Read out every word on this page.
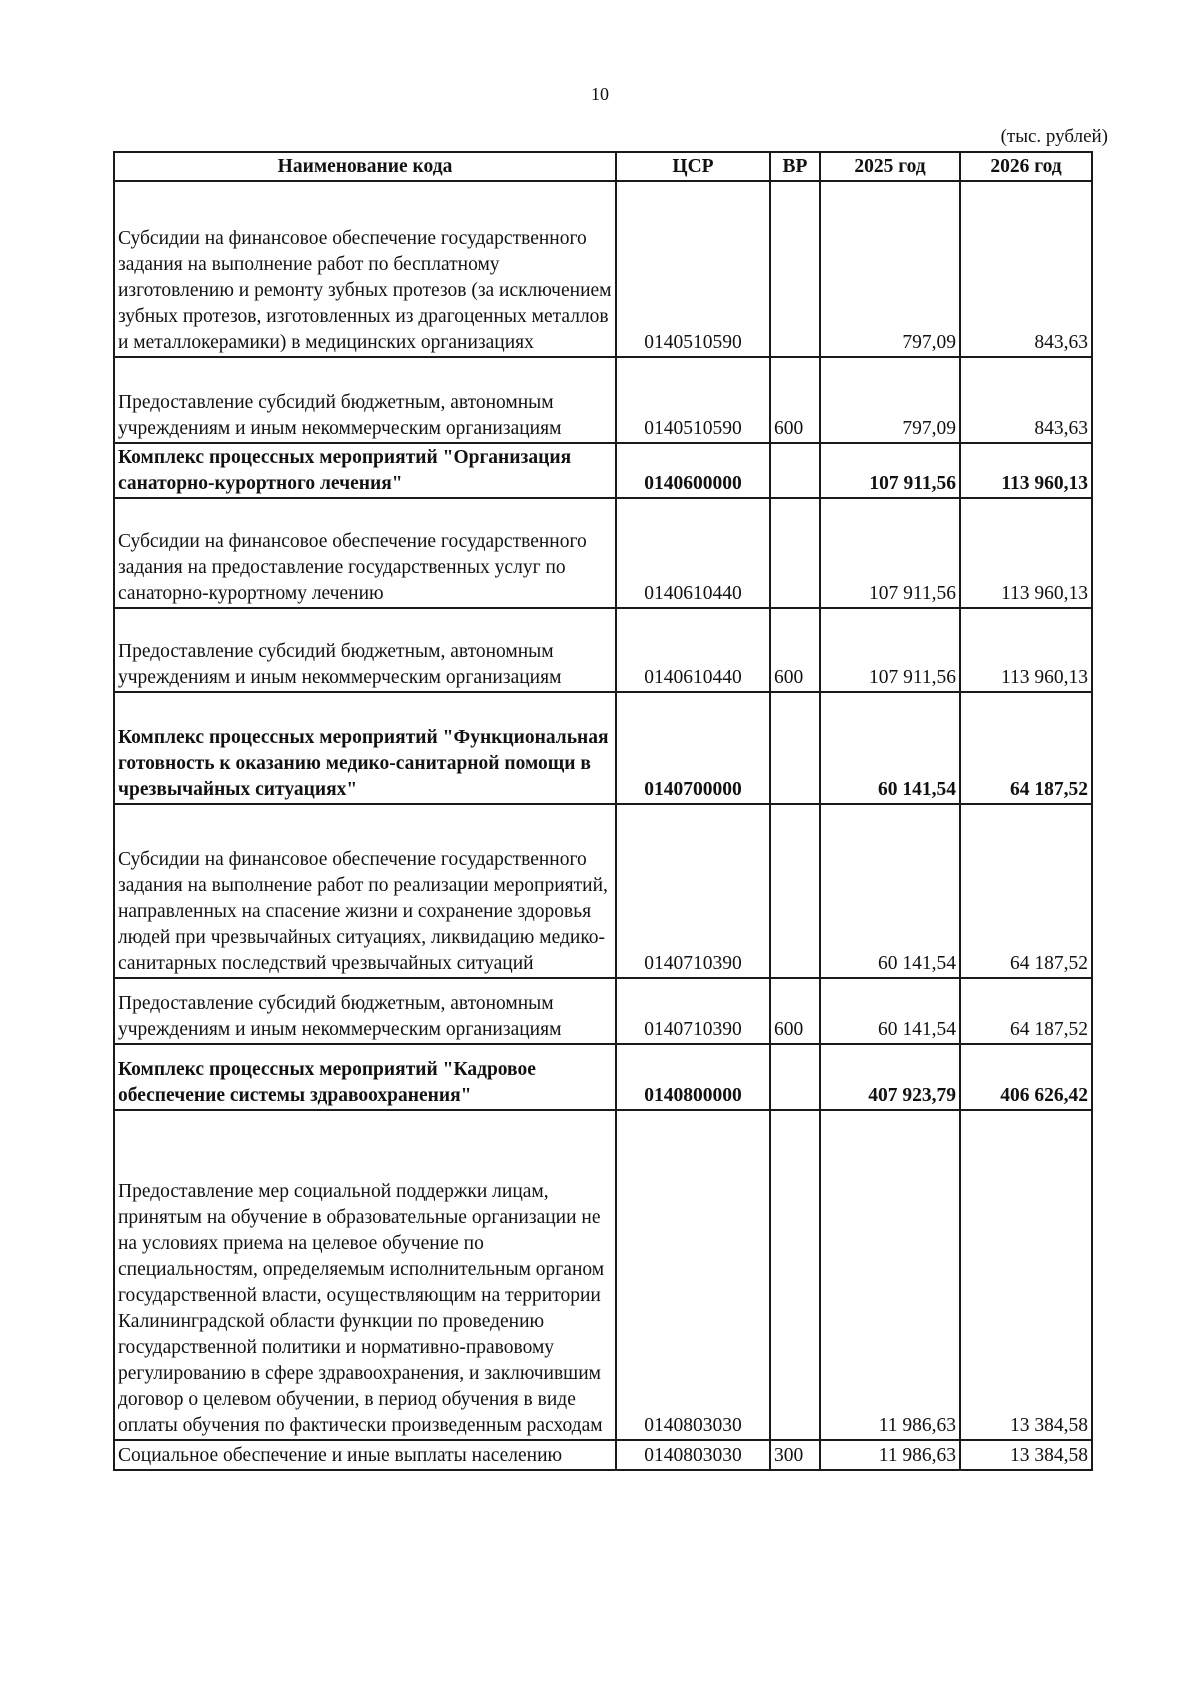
10
(тыс. рублей)
Наименование кода	ЦСР	ВР	2025 год	2026 год
Субсидии на финансовое обеспечение государственного задания на выполнение работ по бесплатному изготовлению и ремонту зубных протезов (за исключением зубных протезов, изготовленных из драгоценных металлов и металлокерамики) в медицинских организациях	0140510590		797,09	843,63
Предоставление субсидий бюджетным, автономным учреждениям и иным некоммерческим организациям	0140510590	600	797,09	843,63
Комплекс процессных мероприятий "Организация санаторно-курортного лечения"	0140600000		107 911,56	113 960,13
Субсидии на финансовое обеспечение государственного задания на предоставление государственных услуг по санаторно-курортному лечению	0140610440		107 911,56	113 960,13
Предоставление субсидий бюджетным, автономным учреждениям и иным некоммерческим организациям	0140610440	600	107 911,56	113 960,13
Комплекс процессных мероприятий "Функциональная готовность к оказанию медико-санитарной помощи в чрезвычайных ситуациях"	0140700000		60 141,54	64 187,52
Субсидии на финансовое обеспечение государственного задания на выполнение работ по реализации мероприятий, направленных на спасение жизни и сохранение здоровья людей при чрезвычайных ситуациях, ликвидацию медико-санитарных последствий чрезвычайных ситуаций	0140710390		60 141,54	64 187,52
Предоставление субсидий бюджетным, автономным учреждениям и иным некоммерческим организациям	0140710390	600	60 141,54	64 187,52
Комплекс процессных мероприятий "Кадровое обеспечение системы здравоохранения"	0140800000		407 923,79	406 626,42
Предоставление мер социальной поддержки лицам, принятым на обучение в образовательные организации не на условиях приема на целевое обучение по специальностям, определяемым исполнительным органом государственной власти, осуществляющим на территории Калининградской области функции по проведению государственной политики и нормативно-правовому регулированию в сфере здравоохранения, и заключившим договор о целевом обучении, в период обучения в виде оплаты обучения по фактически произведенным расходам	0140803030		11 986,63	13 384,58
Социальное обеспечение и иные выплаты населению	0140803030	300	11 986,63	13 384,58
